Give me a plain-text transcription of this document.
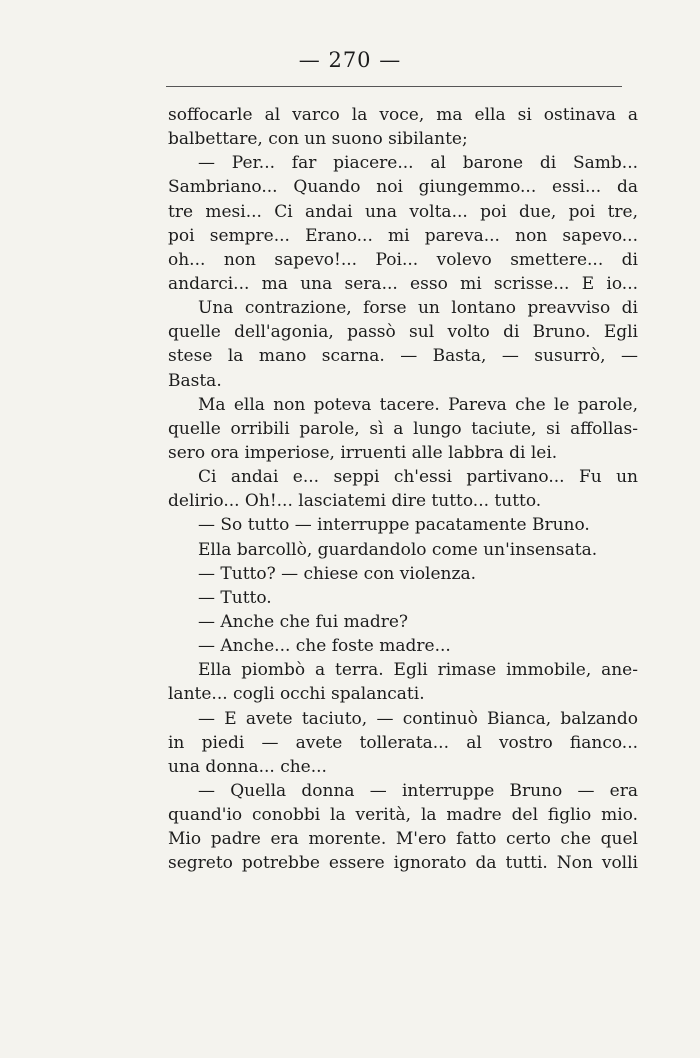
— 270 —
soffocarle al varco la voce, ma ella si ostinava a
balbettare, con un suono sibilante;
— Per... far piacere... al barone di Samb...
Sambriano... Quando noi giungemmo... essi... da
tre mesi... Ci andai una volta... poi due, poi tre,
poi sempre... Erano... mi pareva... non sapevo...
oh... non sapevo!... Poi... volevo smettere... di
andarci... ma una sera... esso mi scrisse... E io...
Una contrazione, forse un lontano preavviso di
quelle dell'agonia, passò sul volto di Bruno. Egli
stese la mano scarna. — Basta, — susurrò, —
Basta.
Ma ella non poteva tacere. Pareva che le parole,
quelle orribili parole, sì a lungo taciute, si affollas-
sero ora imperiose, irruenti alle labbra di lei.
Ci andai e... seppi ch'essi partivano... Fu un
delirio... Oh!... lasciatemi dire tutto... tutto.
— So tutto — interruppe pacatamente Bruno.
Ella barcollò, guardandolo come un'insensata.
— Tutto? — chiese con violenza.
— Tutto.
— Anche che fui madre?
— Anche... che foste madre...
Ella piombò a terra. Egli rimase immobile, ane-
lante... cogli occhi spalancati.
— E avete taciuto, — continuò Bianca, balzando
in piedi — avete tollerata... al vostro fianco...
una donna... che...
— Quella donna — interruppe Bruno — era
quand'io conobbi la verità, la madre del figlio mio.
Mio padre era morente. M'ero fatto certo che quel
segreto potrebbe essere ignorato da tutti. Non volli
